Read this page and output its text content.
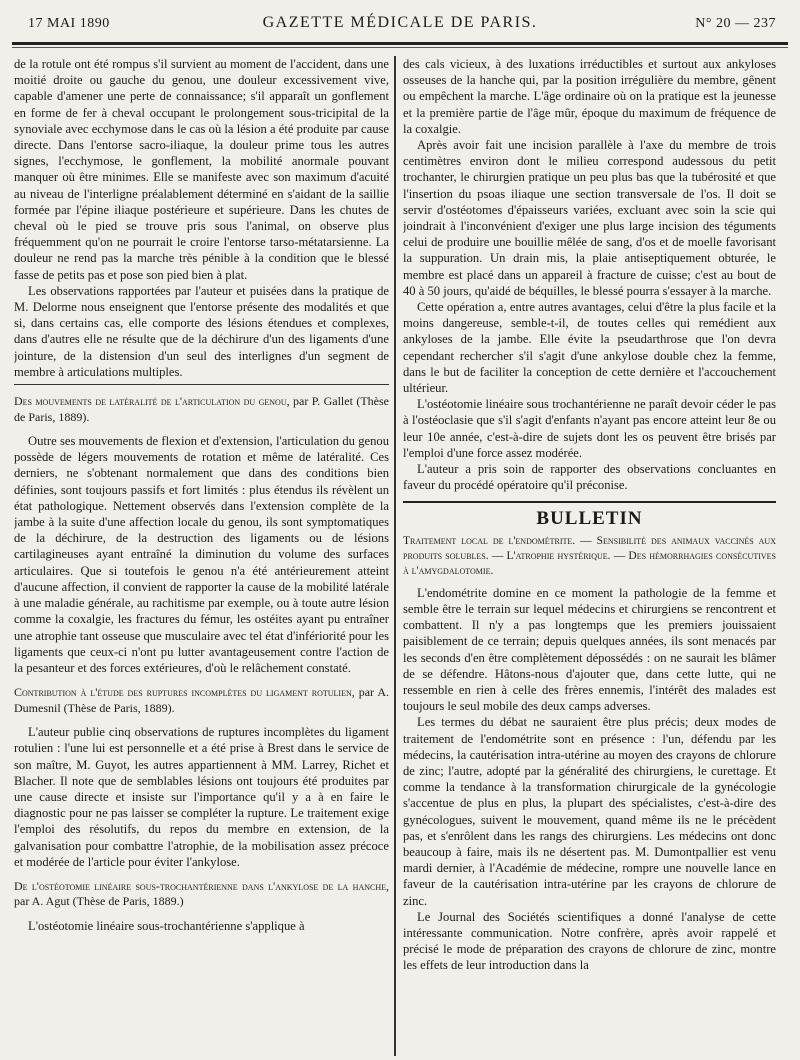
17 MAI 1890	GAZETTE MÉDICALE DE PARIS.	N° 20 — 237

de la rotule ont été rompus s'il survient au moment de l'accident, dans une moitié droite ou gauche du genou, une douleur excessivement vive, capable d'amener une perte de connaissance; s'il apparaît un gonflement en forme de fer à cheval occupant le prolongement sous-tricipital de la synoviale avec ecchymose dans le cas où la lésion a été produite par cause directe. Dans l'entorse sacro-iliaque, la douleur prime tous les autres signes, l'ecchymose, le gonflement, la mobilité anormale pouvant manquer où être minimes. Elle se manifeste avec son maximum d'acuité au niveau de l'interligne préalablement déterminé en s'aidant de la saillie formée par l'épine iliaque postérieure et supérieure. Dans les chutes de cheval où le pied se trouve pris sous l'animal, on observe plus fréquemment qu'on ne pourrait le croire l'entorse tarso-métatarsienne. La douleur ne rend pas la marche très pénible à la condition que le blessé fasse de petits pas et pose son pied bien à plat.

Les observations rapportées par l'auteur et puisées dans la pratique de M. Delorme nous enseignent que l'entorse présente des modalités et que si, dans certains cas, elle comporte des lésions étendues et complexes, dans d'autres elle ne résulte que de la déchirure d'un des ligaments d'une jointure, de la distension d'un seul des interlignes d'un segment de membre à articulations multiples.

Des mouvements de latéralité de l'articulation du genou, par P. Gallet (Thèse de Paris, 1889).

Outre ses mouvements de flexion et d'extension, l'articulation du genou possède de légers mouvements de rotation et même de latéralité. Ces derniers, ne s'obtenant normalement que dans des conditions bien définies, sont toujours passifs et fort limités : plus étendus ils révèlent un état pathologique. Nettement observés dans l'extension complète de la jambe à la suite d'une affection locale du genou, ils sont symptomatiques de la déchirure, de la destruction des ligaments ou de lésions cartilagineuses ayant entraîné la diminution du volume des surfaces articulaires. Que si toutefois le genou n'a été antérieurement atteint d'aucune affection, il convient de rapporter la cause de la mobilité latérale à une maladie générale, au rachitisme par exemple, ou à toute autre lésion comme la coxalgie, les fractures du fémur, les ostéites ayant pu entraîner une atrophie tant osseuse que musculaire avec tel état d'infériorité pour les ligaments que ceux-ci n'ont pu lutter avantageusement contre l'action de la pesanteur et des forces extérieures, d'où le relâchement constaté.

Contribution à l'étude des ruptures incomplètes du ligament rotulien, par A. Dumesnil (Thèse de Paris, 1889).

L'auteur publie cinq observations de ruptures incomplètes du ligament rotulien : l'une lui est personnelle et a été prise à Brest dans le service de son maître, M. Guyot, les autres appartiennent à MM. Larrey, Richet et Blacher. Il note que de semblables lésions ont toujours été produites par une cause directe et insiste sur l'importance qu'il y a à en faire le diagnostic pour ne pas laisser se compléter la rupture. Le traitement exige l'emploi des résolutifs, du repos du membre en extension, de la galvanisation pour combattre l'atrophie, de la mobilisation assez précoce et modérée de l'article pour éviter l'ankylose.

De l'ostéotomie linéaire sous-trochantérienne dans l'ankylose de la hanche, par A. Agut (Thèse de Paris, 1889.)

L'ostéotomie linéaire sous-trochantérienne s'applique à

des cals vicieux, à des luxations irréductibles et surtout aux ankyloses osseuses de la hanche qui, par la position irrégulière du membre, gênent ou empêchent la marche. L'âge ordinaire où on la pratique est la jeunesse et la première partie de l'âge mûr, époque du maximum de fréquence de la coxalgie.

Après avoir fait une incision parallèle à l'axe du membre de trois centimètres environ dont le milieu correspond audessous du petit trochanter, le chirurgien pratique un peu plus bas que la tubérosité et que l'insertion du psoas iliaque une section transversale de l'os. Il doit se servir d'ostéotomes d'épaisseurs variées, excluant avec soin la scie qui joindrait à l'inconvénient d'exiger une plus large incision des téguments celui de produire une bouillie mêlée de sang, d'os et de moelle favorisant la suppuration. Un drain mis, la plaie antiseptiquement obturée, le membre est placé dans un appareil à fracture de cuisse; c'est au bout de 40 à 50 jours, qu'aidé de béquilles, le blessé pourra s'essayer à la marche.

Cette opération a, entre autres avantages, celui d'être la plus facile et la moins dangereuse, semble-t-il, de toutes celles qui remédient aux ankyloses de la jambe. Elle évite la pseudarthrose que l'on devra cependant rechercher s'il s'agit d'une ankylose double chez la femme, dans le but de faciliter la conception de cette dernière et l'accouchement ultérieur.

L'ostéotomie linéaire sous trochantérienne ne paraît devoir céder le pas à l'ostéoclasie que s'il s'agit d'enfants n'ayant pas encore atteint leur 8e ou leur 10e année, c'est-à-dire de sujets dont les os peuvent être brisés par l'emploi d'une force assez modérée.

L'auteur a pris soin de rapporter des observations concluantes en faveur du procédé opératoire qu'il préconise.

BULLETIN

Traitement local de l'endométrite. — Sensibilité des animaux vaccinés aux produits solubles. — L'atrophie hystérique. — Des hémorrhagies consécutives à l'amygdalotomie.

L'endométrite domine en ce moment la pathologie de la femme et semble être le terrain sur lequel médecins et chirurgiens se rencontrent et combattent. Il n'y a pas longtemps que les premiers jouissaient paisiblement de ce terrain; depuis quelques années, ils sont menacés par les seconds d'en être complètement dépossédés : on ne saurait les blâmer de se défendre. Hâtons-nous d'ajouter que, dans cette lutte, qui ne ressemble en rien à celle des frères ennemis, l'intérêt des malades est toujours le seul mobile des deux camps adverses.

Les termes du débat ne sauraient être plus précis; deux modes de traitement de l'endométrite sont en présence : l'un, défendu par les médecins, la cautérisation intra-utérine au moyen des crayons de chlorure de zinc; l'autre, adopté par la généralité des chirurgiens, le curettage. Et comme la tendance à la transformation chirurgicale de la gynécologie s'accentue de plus en plus, la plupart des spécialistes, c'est-à-dire des gynécologues, suivent le mouvement, quand même ils ne le précèdent pas, et s'enrôlent dans les rangs des chirurgiens. Les médecins ont donc beaucoup à faire, mais ils ne désertent pas. M. Dumontpallier est venu mardi dernier, à l'Académie de médecine, rompre une nouvelle lance en faveur de la cautérisation intra-utérine par les crayons de chlorure de zinc.

Le Journal des Sociétés scientifiques a donné l'analyse de cette intéressante communication. Notre confrère, après avoir rappelé et précisé le mode de préparation des crayons de chlorure de zinc, montre les effets de leur introduction dans la
